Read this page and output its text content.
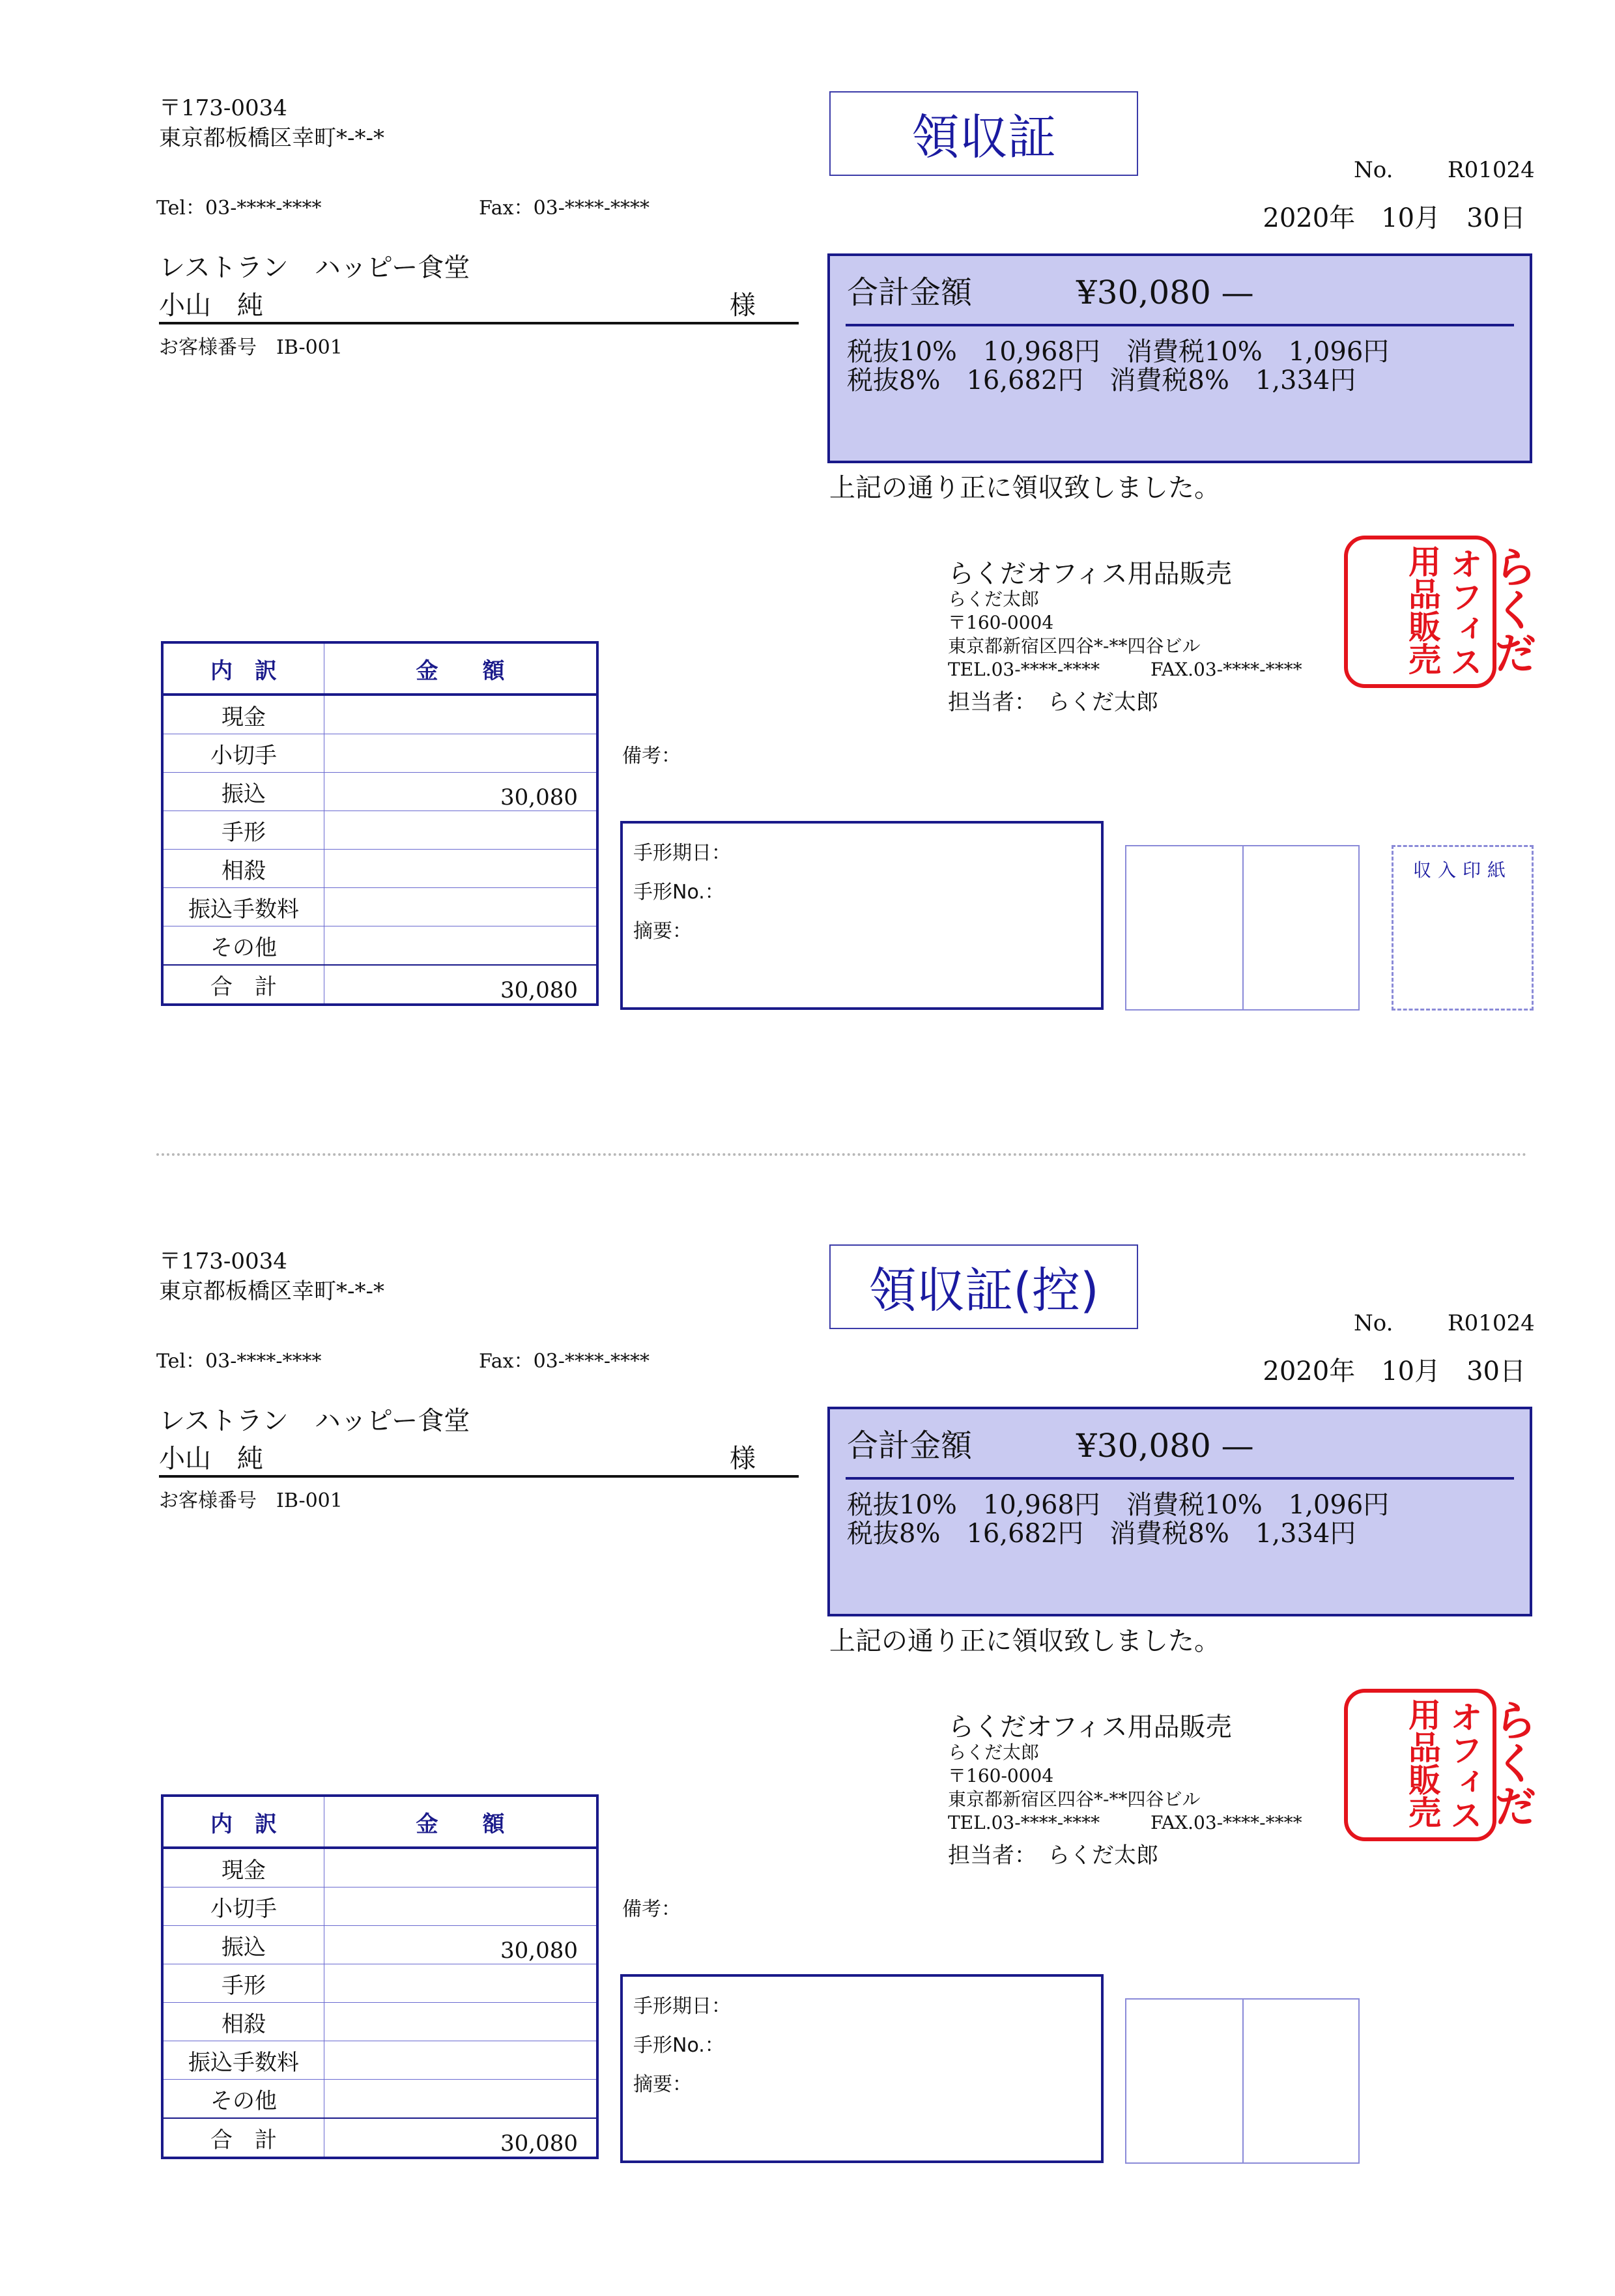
〒173-0034
東京都板橋区幸町*-*-*
Tel：03-****-****	Fax：03-****-****
領収証
No. R01024
2020年　10月　30日
レストラン　ハッピー食堂
小山　純	様
お客様番号　IB-001
合計金額	¥30,080 —
税抜10%　10,968円　消費税10%　1,096円
税抜8%　16,682円　消費税8%　1,334円
上記の通り正に領収致しました。
らくだオフィス用品販売
らくだ太郎
〒160-0004
東京都新宿区四谷*-**四谷ビル
TEL.03-****-****	FAX.03-****-****
担当者：　らくだ太郎
らくだ
オフィス
用品販売
内　訳	金　　額
現金	
小切手	
振込	30,080
手形	
相殺	
振込手数料	
その他	
合　計	30,080
備考：
手形期日：
手形No.：
摘要：
収入印紙
〒173-0034
東京都板橋区幸町*-*-*
Tel：03-****-****	Fax：03-****-****
領収証(控)
No. R01024
2020年　10月　30日
レストラン　ハッピー食堂
小山　純	様
お客様番号　IB-001
合計金額	¥30,080 —
税抜10%　10,968円　消費税10%　1,096円
税抜8%　16,682円　消費税8%　1,334円
上記の通り正に領収致しました。
らくだオフィス用品販売
らくだ太郎
〒160-0004
東京都新宿区四谷*-**四谷ビル
TEL.03-****-****	FAX.03-****-****
担当者：　らくだ太郎
らくだ
オフィス
用品販売
内　訳	金　　額
現金	
小切手	
振込	30,080
手形	
相殺	
振込手数料	
その他	
合　計	30,080
備考：
手形期日：
手形No.：
摘要：
